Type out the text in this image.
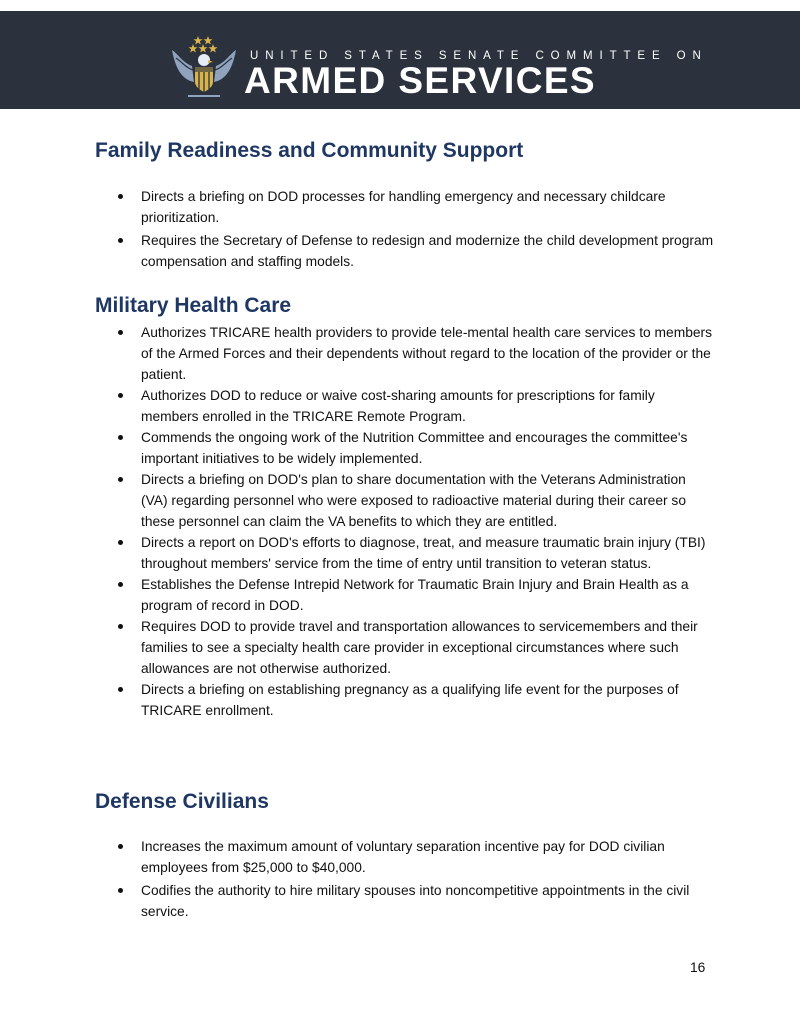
UNITED STATES SENATE COMMITTEE ON
ARMED SERVICES
Family Readiness and Community Support
Directs a briefing on DOD processes for handling emergency and necessary childcare prioritization.
Requires the Secretary of Defense to redesign and modernize the child development program compensation and staffing models.
Military Health Care
Authorizes TRICARE health providers to provide tele-mental health care services to members of the Armed Forces and their dependents without regard to the location of the provider or the patient.
Authorizes DOD to reduce or waive cost-sharing amounts for prescriptions for family members enrolled in the TRICARE Remote Program.
Commends the ongoing work of the Nutrition Committee and encourages the committee's important initiatives to be widely implemented.
Directs a briefing on DOD's plan to share documentation with the Veterans Administration (VA) regarding personnel who were exposed to radioactive material during their career so these personnel can claim the VA benefits to which they are entitled.
Directs a report on DOD's efforts to diagnose, treat, and measure traumatic brain injury (TBI) throughout members' service from the time of entry until transition to veteran status.
Establishes the Defense Intrepid Network for Traumatic Brain Injury and Brain Health as a program of record in DOD.
Requires DOD to provide travel and transportation allowances to servicemembers and their families to see a specialty health care provider in exceptional circumstances where such allowances are not otherwise authorized.
Directs a briefing on establishing pregnancy as a qualifying life event for the purposes of TRICARE enrollment.
Defense Civilians
Increases the maximum amount of voluntary separation incentive pay for DOD civilian employees from $25,000 to $40,000.
Codifies the authority to hire military spouses into noncompetitive appointments in the civil service.
16
